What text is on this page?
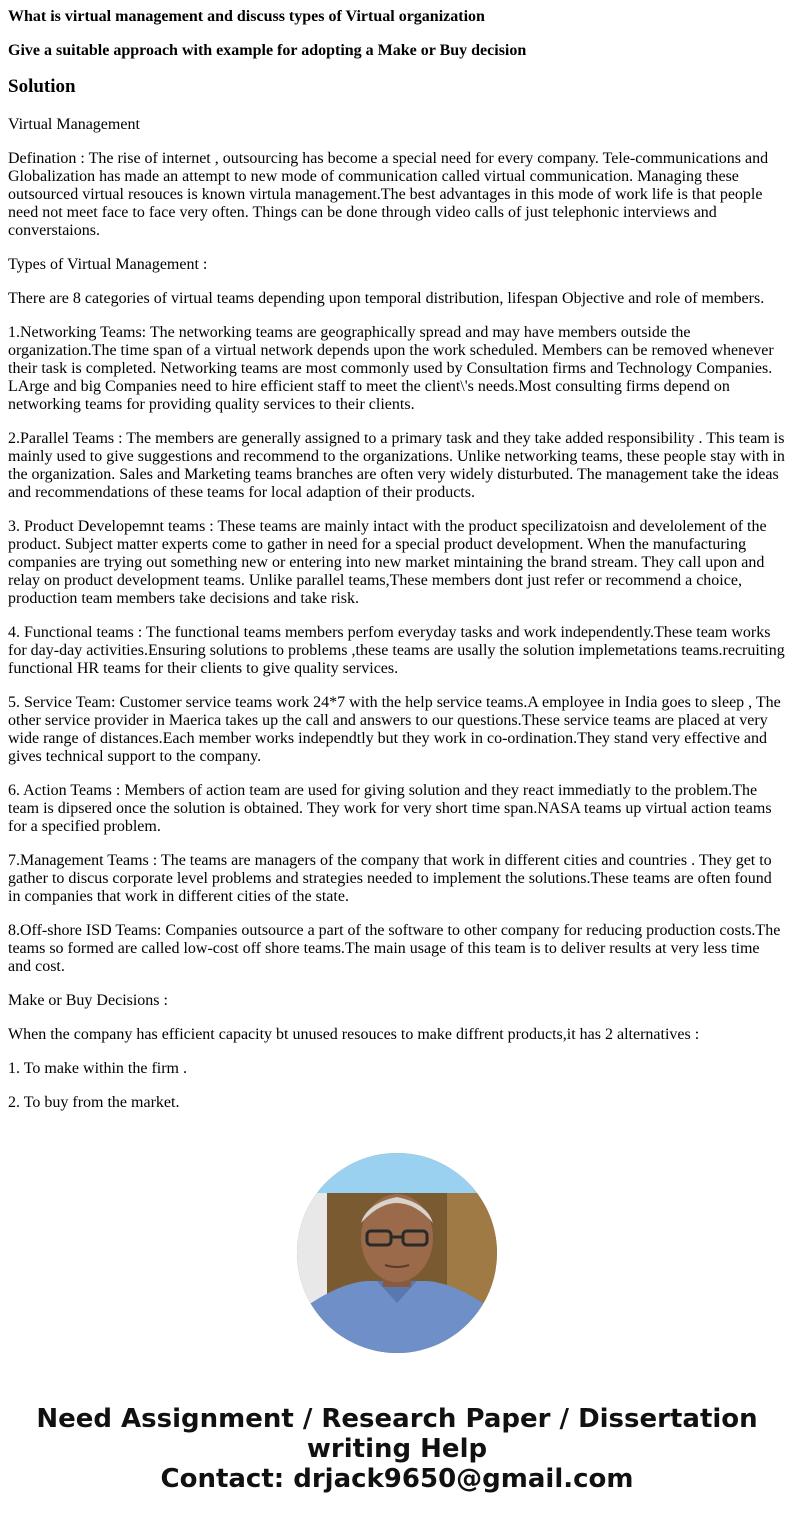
What is virtual management and discuss types of Virtual organization
Give a suitable approach with example for adopting a Make or Buy decision
Solution

Virtual Management

Defination : The rise of internet , outsourcing has become a special need for every company. Tele-communications and Globalization has made an attempt to new mode of communication called virtual communication. Managing these outsourced virtual resouces is known virtula management.The best advantages in this mode of work life is that people need not meet face to face very often. Things can be done through video calls of just telephonic interviews and converstaions.

Types of Virtual Management :

There are 8 categories of virtual teams depending upon temporal distribution, lifespan Objective and role of members.

1.Networking Teams: The networking teams are geographically spread and may have members outside the organization.The time span of a virtual network depends upon the work scheduled. Members can be removed whenever their task is completed. Networking teams are most commonly used by Consultation firms and Technology Companies. LArge and big Companies need to hire efficient staff to meet the client\'s needs.Most consulting firms depend on networking teams for providing quality services to their clients.

2.Parallel Teams : The members are generally assigned to a primary task and they take added responsibility . This team is mainly used to give suggestions and recommend to the organizations. Unlike networking teams, these people stay with in the organization. Sales and Marketing teams branches are often very widely disturbuted. The management take the ideas and recommendations of these teams for local adaption of their products.

3. Product Developemnt teams : These teams are mainly intact with the product specilizatoisn and develolement of the product. Subject matter experts come to gather in need for a special product development. When the manufacturing companies are trying out something new or entering into new market mintaining the brand stream. They call upon and relay on product development teams. Unlike parallel teams,These members dont just refer or recommend a choice, production team members take decisions and take risk.

4. Functional teams : The functional teams members perfom everyday tasks and work independently.These team works for day-day activities.Ensuring solutions to problems ,these teams are usally the solution implemetations teams.recruiting functional HR teams for their clients to give quality services.

5. Service Team: Customer service teams work 24*7 with the help service teams.A employee in India goes to sleep , The other service provider in Maerica takes up the call and answers to our questions.These service teams are placed at very wide range of distances.Each member works independtly but they work in co-ordination.They stand very effective and gives technical support to the company.

6. Action Teams : Members of action team are used for giving solution and they react immediatly to the problem.The team is dipsered once the solution is obtained. They work for very short time span.NASA teams up virtual action teams for a specified problem.

7.Management Teams : The teams are managers of the company that work in different cities and countries . They get to gather to discus corporate level problems and strategies needed to implement the solutions.These teams are often found in companies that work in different cities of the state.

8.Off-shore ISD Teams: Companies outsource a part of the software to other company for reducing production costs.The teams so formed are called low-cost off shore teams.The main usage of this team is to deliver results at very less time and cost.

Make or Buy Decisions :

When the company has efficient capacity bt unused resouces to make diffrent products,it has 2 alternatives :

1. To make within the firm .

2. To buy from the market.

Need Assignment / Research Paper / Dissertation
writing Help
Contact: drjack9650@gmail.com
